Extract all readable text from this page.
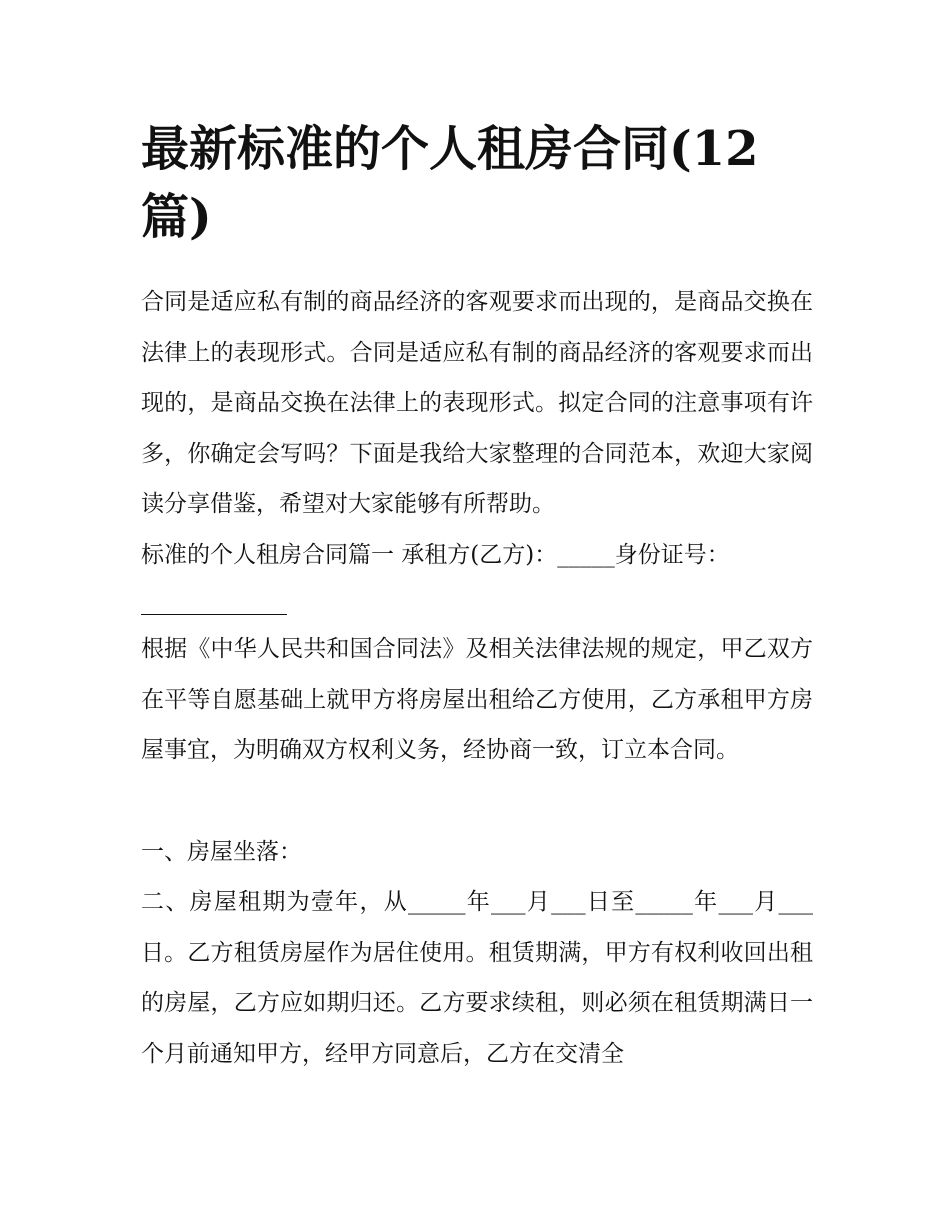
最新标准的个人租房合同(12篇)

合同是适应私有制的商品经济的客观要求而出现的，是商品交换在法律上的表现形式。合同是适应私有制的商品经济的客观要求而出现的，是商品交换在法律上的表现形式。拟定合同的注意事项有许多，你确定会写吗？下面是我给大家整理的合同范本，欢迎大家阅读分享借鉴，希望对大家能够有所帮助。

标准的个人租房合同篇一 承租方(乙方)：_____身份证号：

根据《中华人民共和国合同法》及相关法律法规的规定，甲乙双方在平等自愿基础上就甲方将房屋出租给乙方使用，乙方承租甲方房屋事宜，为明确双方权利义务，经协商一致，订立本合同。

一、房屋坐落：

二、房屋租期为壹年，从_____年___月___日至_____年___月___日。乙方租赁房屋作为居住使用。租赁期满，甲方有权利收回出租的房屋，乙方应如期归还。乙方要求续租，则必须在租赁期满日一个月前通知甲方，经甲方同意后，乙方在交清全
